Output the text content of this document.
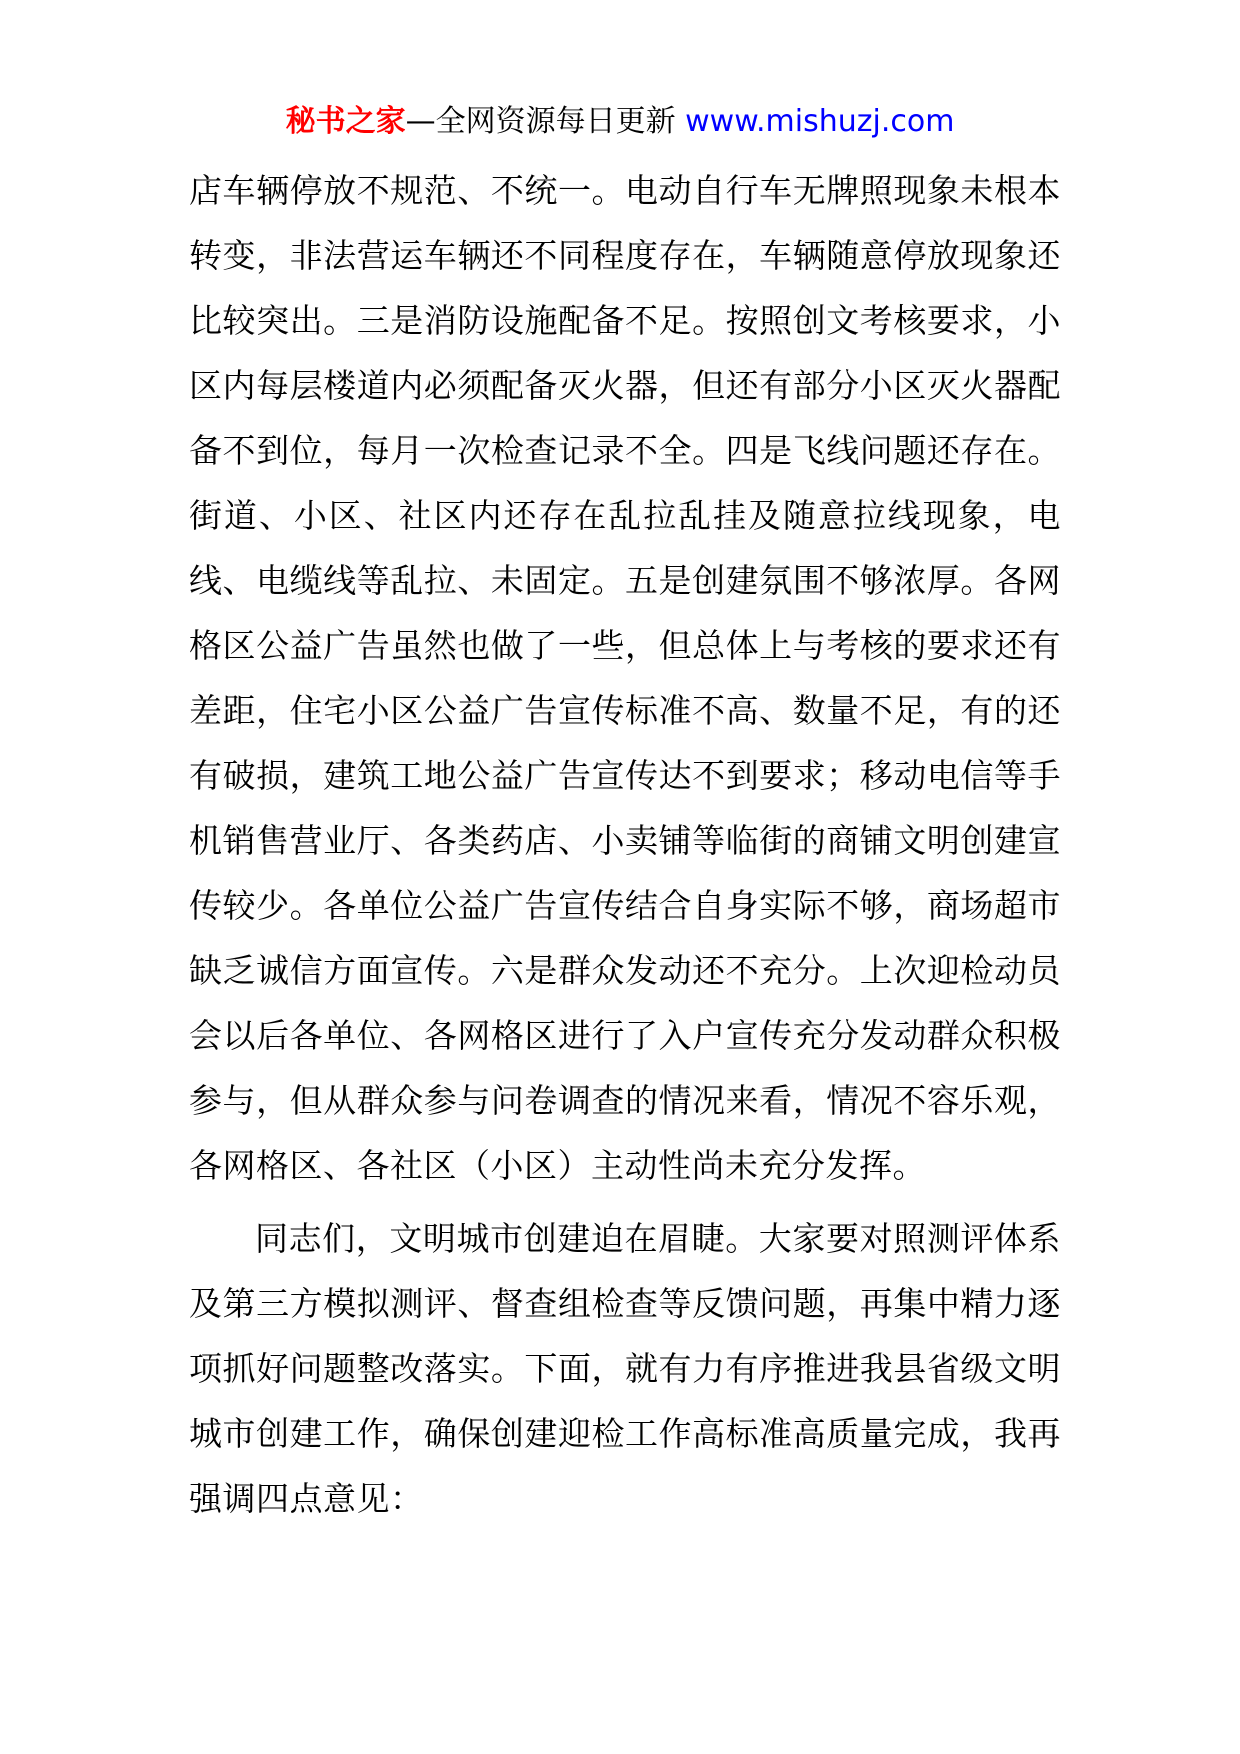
秘书之家—全网资源每日更新 www.mishuzj.com

店车辆停放不规范、不统一。电动自行车无牌照现象未根本转变，非法营运车辆还不同程度存在，车辆随意停放现象还比较突出。三是消防设施配备不足。按照创文考核要求，小区内每层楼道内必须配备灭火器，但还有部分小区灭火器配备不到位，每月一次检查记录不全。四是飞线问题还存在。街道、小区、社区内还存在乱拉乱挂及随意拉线现象，电线、电缆线等乱拉、未固定。五是创建氛围不够浓厚。各网格区公益广告虽然也做了一些，但总体上与考核的要求还有差距，住宅小区公益广告宣传标准不高、数量不足，有的还有破损，建筑工地公益广告宣传达不到要求；移动电信等手机销售营业厅、各类药店、小卖铺等临街的商铺文明创建宣传较少。各单位公益广告宣传结合自身实际不够，商场超市缺乏诚信方面宣传。六是群众发动还不充分。上次迎检动员会以后各单位、各网格区进行了入户宣传充分发动群众积极参与，但从群众参与问卷调查的情况来看，情况不容乐观，各网格区、各社区（小区）主动性尚未充分发挥。

同志们，文明城市创建迫在眉睫。大家要对照测评体系及第三方模拟测评、督查组检查等反馈问题，再集中精力逐项抓好问题整改落实。下面，就有力有序推进我县省级文明城市创建工作，确保创建迎检工作高标准高质量完成，我再强调四点意见：
